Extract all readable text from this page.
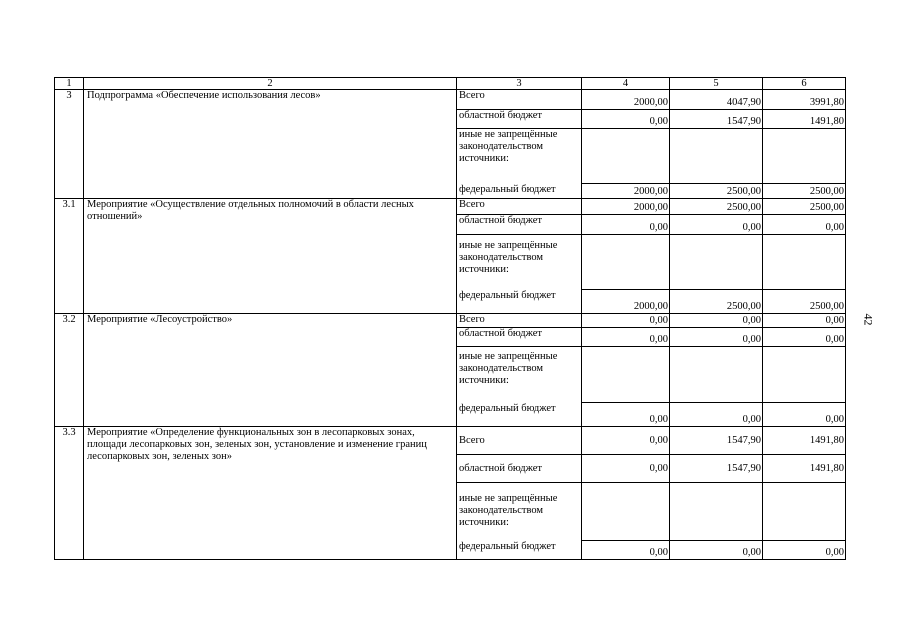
42
1	2	3	4	5	6
3	Подпрограмма «Обеспечение использования лесов»	Всего	2000,00	4047,90	3991,80
		областной бюджет	0,00	1547,90	1491,80
		иные не запрещённые законодательством источники:			
		федеральный бюджет	2000,00	2500,00	2500,00
3.1	Мероприятие «Осуществление отдельных полномочий в области лесных отношений»	Всего	2000,00	2500,00	2500,00
		областной бюджет	0,00	0,00	0,00
		иные не запрещённые законодательством источники:			
		федеральный бюджет	2000,00	2500,00	2500,00
3.2	Мероприятие «Лесоустройство»	Всего	0,00	0,00	0,00
		областной бюджет	0,00	0,00	0,00
		иные не запрещённые законодательством источники:			
		федеральный бюджет	0,00	0,00	0,00
3.3	Мероприятие «Определение функциональных зон в лесопарковых зонах, площади лесопарковых зон, зеленых зон, установление и изменение границ лесопарковых зон, зеленых зон»	Всего	0,00	1547,90	1491,80
		областной бюджет	0,00	1547,90	1491,80
		иные не запрещённые законодательством источники:			
		федеральный бюджет	0,00	0,00	0,00
